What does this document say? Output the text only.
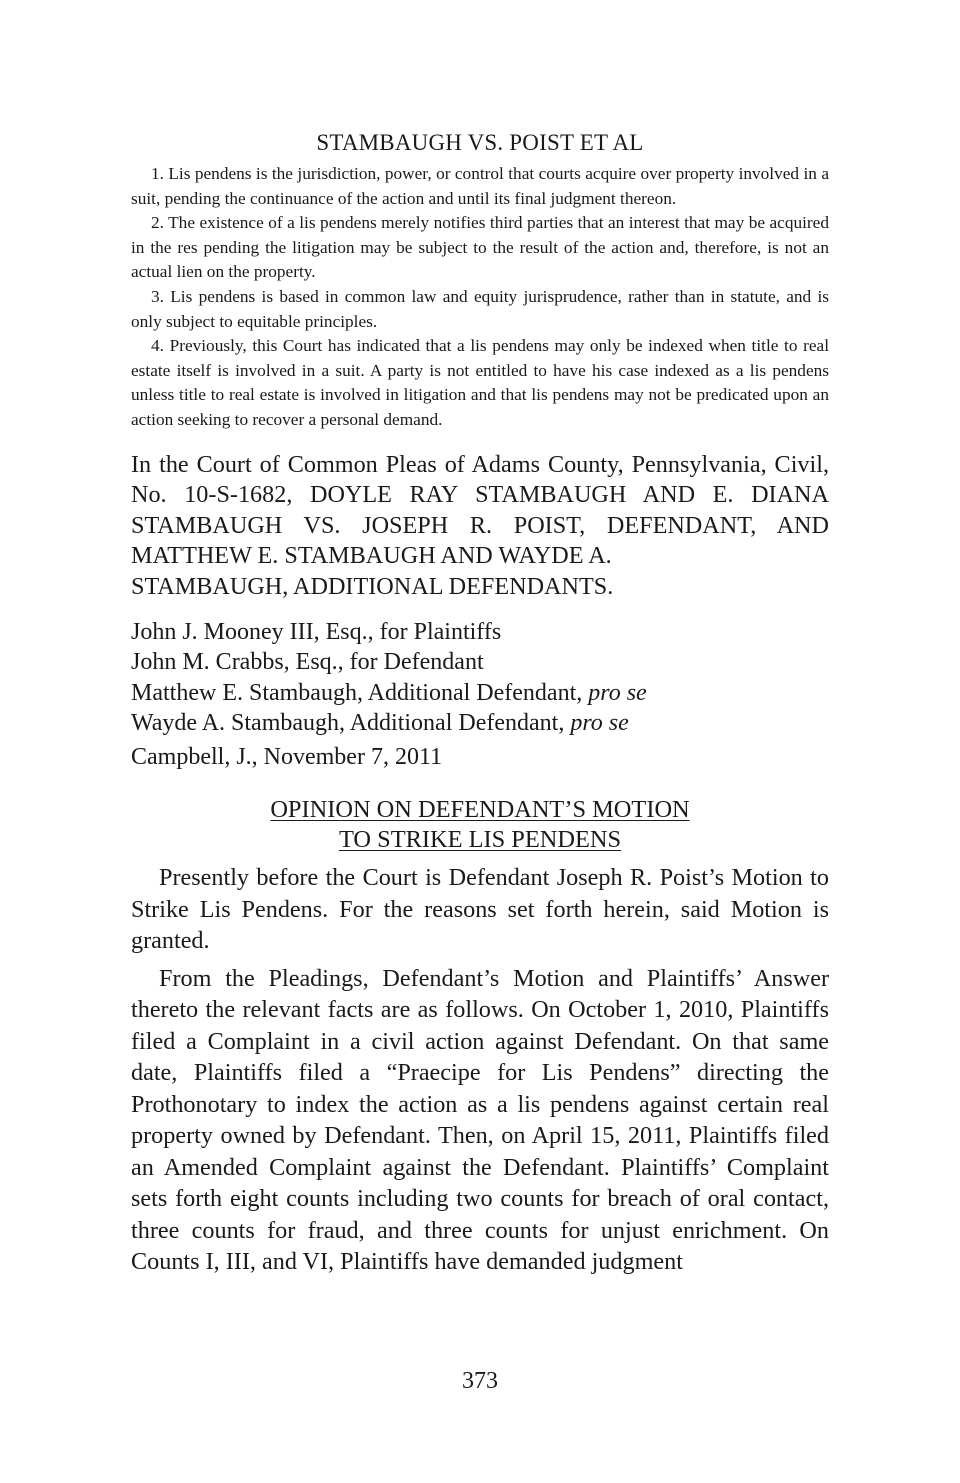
STAMBAUGH VS. POIST ET AL

1. Lis pendens is the jurisdiction, power, or control that courts acquire over property involved in a suit, pending the continuance of the action and until its final judgment thereon.

2. The existence of a lis pendens merely notifies third parties that an interest that may be acquired in the res pending the litigation may be subject to the result of the action and, therefore, is not an actual lien on the property.

3. Lis pendens is based in common law and equity jurisprudence, rather than in statute, and is only subject to equitable principles.

4. Previously, this Court has indicated that a lis pendens may only be indexed when title to real estate itself is involved in a suit. A party is not entitled to have his case indexed as a lis pendens unless title to real estate is involved in litigation and that lis pendens may not be predicated upon an action seeking to recover a personal demand.

In the Court of Common Pleas of Adams County, Pennsylvania, Civil, No. 10-S-1682, DOYLE RAY STAMBAUGH AND E. DIANA STAMBAUGH VS. JOSEPH R. POIST, DEFENDANT, AND MATTHEW E. STAMBAUGH AND WAYDE A.
STAMBAUGH, ADDITIONAL DEFENDANTS.
John J. Mooney III, Esq., for Plaintiffs
John M. Crabbs, Esq., for Defendant
Matthew E. Stambaugh, Additional Defendant, pro se
Wayde A. Stambaugh, Additional Defendant, pro se
Campbell, J., November 7, 2011
OPINION ON DEFENDANT’S MOTION
TO STRIKE LIS PENDENS

Presently before the Court is Defendant Joseph R. Poist’s Motion to Strike Lis Pendens. For the reasons set forth herein, said Motion is granted.

From the Pleadings, Defendant’s Motion and Plaintiffs’ Answer thereto the relevant facts are as follows. On October 1, 2010, Plaintiffs filed a Complaint in a civil action against Defendant. On that same date, Plaintiffs filed a “Praecipe for Lis Pendens” directing the Prothonotary to index the action as a lis pendens against certain real property owned by Defendant. Then, on April 15, 2011, Plaintiffs filed an Amended Complaint against the Defendant. Plaintiffs’ Complaint sets forth eight counts including two counts for breach of oral contact, three counts for fraud, and three counts for unjust enrichment. On Counts I, III, and VI, Plaintiffs have demanded judgment

373
